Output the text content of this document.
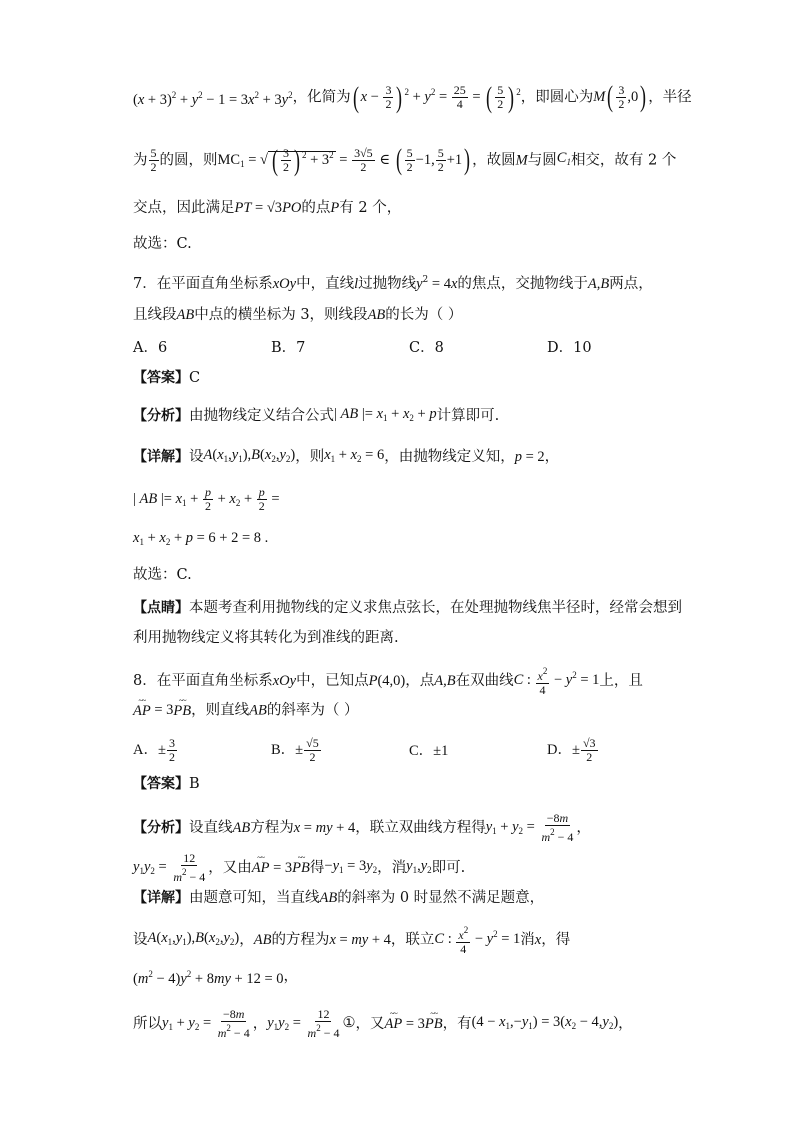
$(x + 3)^2 + y^2 - 1 = 3x^2 + 3y^2$，化简为( $x - \frac{3}{2}$ ) $^2 + y^2 = \frac{25}{4}$ = ( $\frac{5}{2}$ ) $^2$，即圆心为$M( \frac{3}{2} ,0)$ ，半径
为 $\frac{5}{2}$ 的圆，则$MC_1$ = √ ( $\frac{3}{2}$ ) $^2 + 3^2 = \frac{3√5}{2}$ ∈ ( $\frac{5}{2} -1$, $\frac{5}{2} +1$) ，故圆M与圆$C_1$相交，故有 2 个
交点，因此满足PT = √3PO的点P有 2 个，
故选：C.
7．在平面直角坐标系xOy中，直线l过抛物线$y^2 = 4x$的焦点，交抛物线于A,B两点，
且线段AB中点的横坐标为 3，则线段AB的长为（ ）
A．6	B．7	C．8	D．10
【答案】C
【分析】由抛物线定义结合公式| AB |= $x_1 + x_2 + p$计算即可.
【详解】设$A(x_1,y_1),B(x_2,y_2)$，则$x_1 + x_2 = 6$，由抛物线定义知，p = 2，
| AB |= $x_1 + \frac{p}{2} + x_2 + \frac{p}{2}$ =
$x_1 + x_2 + p = 6 + 2 = 8$ .
故选：C.
【点睛】本题考查利用抛物线的定义求焦点弦长，在处理抛物线焦半径时，经常会想到
利用抛物线定义将其转化为到准线的距离.
8．在平面直角坐标系xOy中，已知点P(4,0)，点A,B在双曲线C : $\frac{x^2}{4} - y^2 = 1$上，且
~~ AP = 3~~ PB，则直线AB的斜率为（ ）
A．± $\frac{3}{2}$	B．± $\frac{√5}{2}$	C．±1	D．± $\frac{√3}{2}$
【答案】B
【分析】设直线AB方程为x = my + 4，联立双曲线方程得$y_1 + y_2 = \frac{-8m}{m^2 - 4}$ ，
$y_1y_2 = \frac{12}{m^2 - 4}$ ，又由~~ AP = 3~~ PB得$-y_1 = 3y_2$，消$y_1,y_2$即可.
【详解】由题意可知，当直线AB的斜率为 0 时显然不满足题意，
设$A(x_1,y_1),B(x_2,y_2)$，AB的方程为x = my + 4，联立C : $\frac{x^2}{4} - y^2 = 1$消x，得
$(m^2 - 4)y^2 + 8my + 12 = 0$，
所以$y_1 + y_2 = \frac{-8m}{m^2 - 4}$ ，$y_1y_2 = \frac{12}{m^2 - 4}$ ①，又~~ AP = 3~~ PB，有$(4 - x_1,-y_1) = 3(x_2 - 4,y_2)$，
